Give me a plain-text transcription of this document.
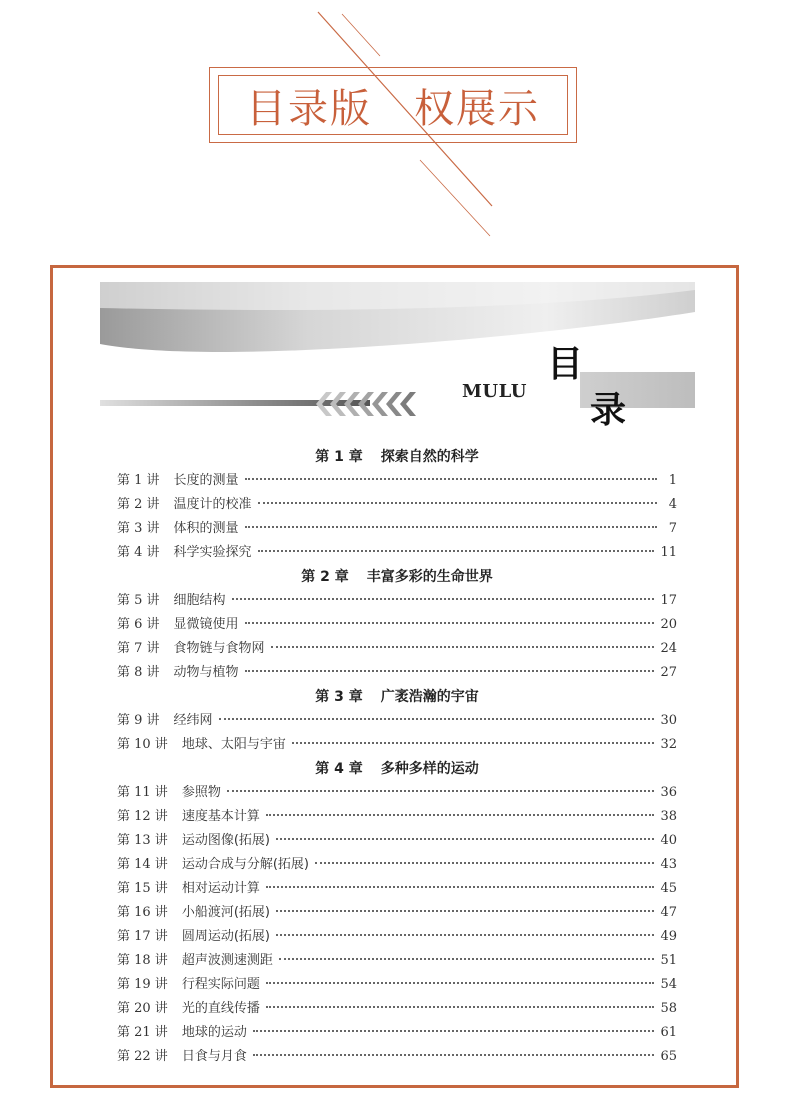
目录版　权展示
MULU
目
录
第 1 章 探索自然的科学
第 1 讲 长度的测量	1
第 2 讲 温度计的校准	4
第 3 讲 体积的测量	7
第 4 讲 科学实验探究	11
第 2 章 丰富多彩的生命世界
第 5 讲 细胞结构	17
第 6 讲 显微镜使用	20
第 7 讲 食物链与食物网	24
第 8 讲 动物与植物	27
第 3 章 广袤浩瀚的宇宙
第 9 讲 经纬网	30
第 10 讲 地球、太阳与宇宙	32
第 4 章 多种多样的运动
第 11 讲 参照物	36
第 12 讲 速度基本计算	38
第 13 讲 运动图像(拓展)	40
第 14 讲 运动合成与分解(拓展)	43
第 15 讲 相对运动计算	45
第 16 讲 小船渡河(拓展)	47
第 17 讲 圆周运动(拓展)	49
第 18 讲 超声波测速测距	51
第 19 讲 行程实际问题	54
第 20 讲 光的直线传播	58
第 21 讲 地球的运动	61
第 22 讲 日食与月食	65
